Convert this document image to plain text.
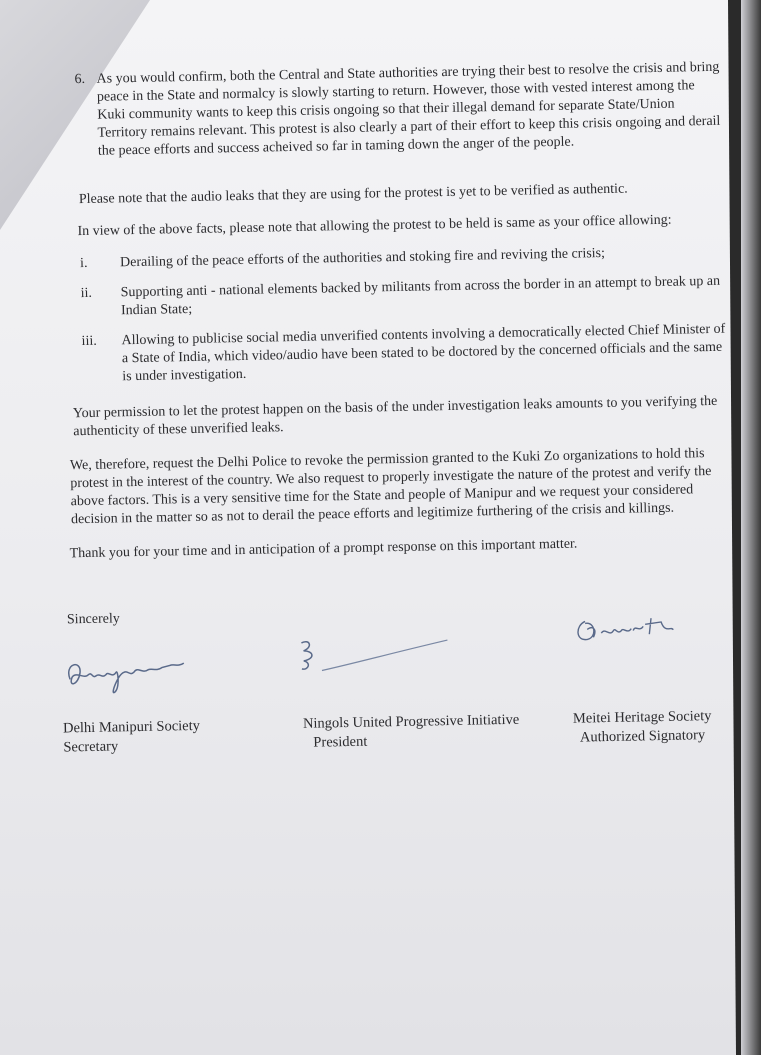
6. As you would confirm, both the Central and State authorities are trying their best to resolve the crisis and bring peace in the State and normalcy is slowly starting to return. However, those with vested interest among the Kuki community wants to keep this crisis ongoing so that their illegal demand for separate State/Union Territory remains relevant. This protest is also clearly a part of their effort to keep this crisis ongoing and derail the peace efforts and success acheived so far in taming down the anger of the people.

Please note that the audio leaks that they are using for the protest is yet to be verified as authentic.

In view of the above facts, please note that allowing the protest to be held is same as your office allowing:

i. Derailing of the peace efforts of the authorities and stoking fire and reviving the crisis;

ii. Supporting anti - national elements backed by militants from across the border in an attempt to break up an Indian State;

iii. Allowing to publicise social media unverified contents involving a democratically elected Chief Minister of a State of India, which video/audio have been stated to be doctored by the concerned officials and the same is under investigation.

Your permission to let the protest happen on the basis of the under investigation leaks amounts to you verifying the authenticity of these unverified leaks.

We, therefore, request the Delhi Police to revoke the permission granted to the Kuki Zo organizations to hold this protest in the interest of the country. We also request to properly investigate the nature of the protest and verify the above factors. This is a very sensitive time for the State and people of Manipur and we request your considered decision in the matter so as not to derail the peace efforts and legitimize furthering of the crisis and killings.

Thank you for your time and in anticipation of a prompt response on this important matter.

Sincerely

Delhi Manipuri Society
Secretary
Ningols United Progressive Initiative
President
Meitei Heritage Society
Authorized Signatory
